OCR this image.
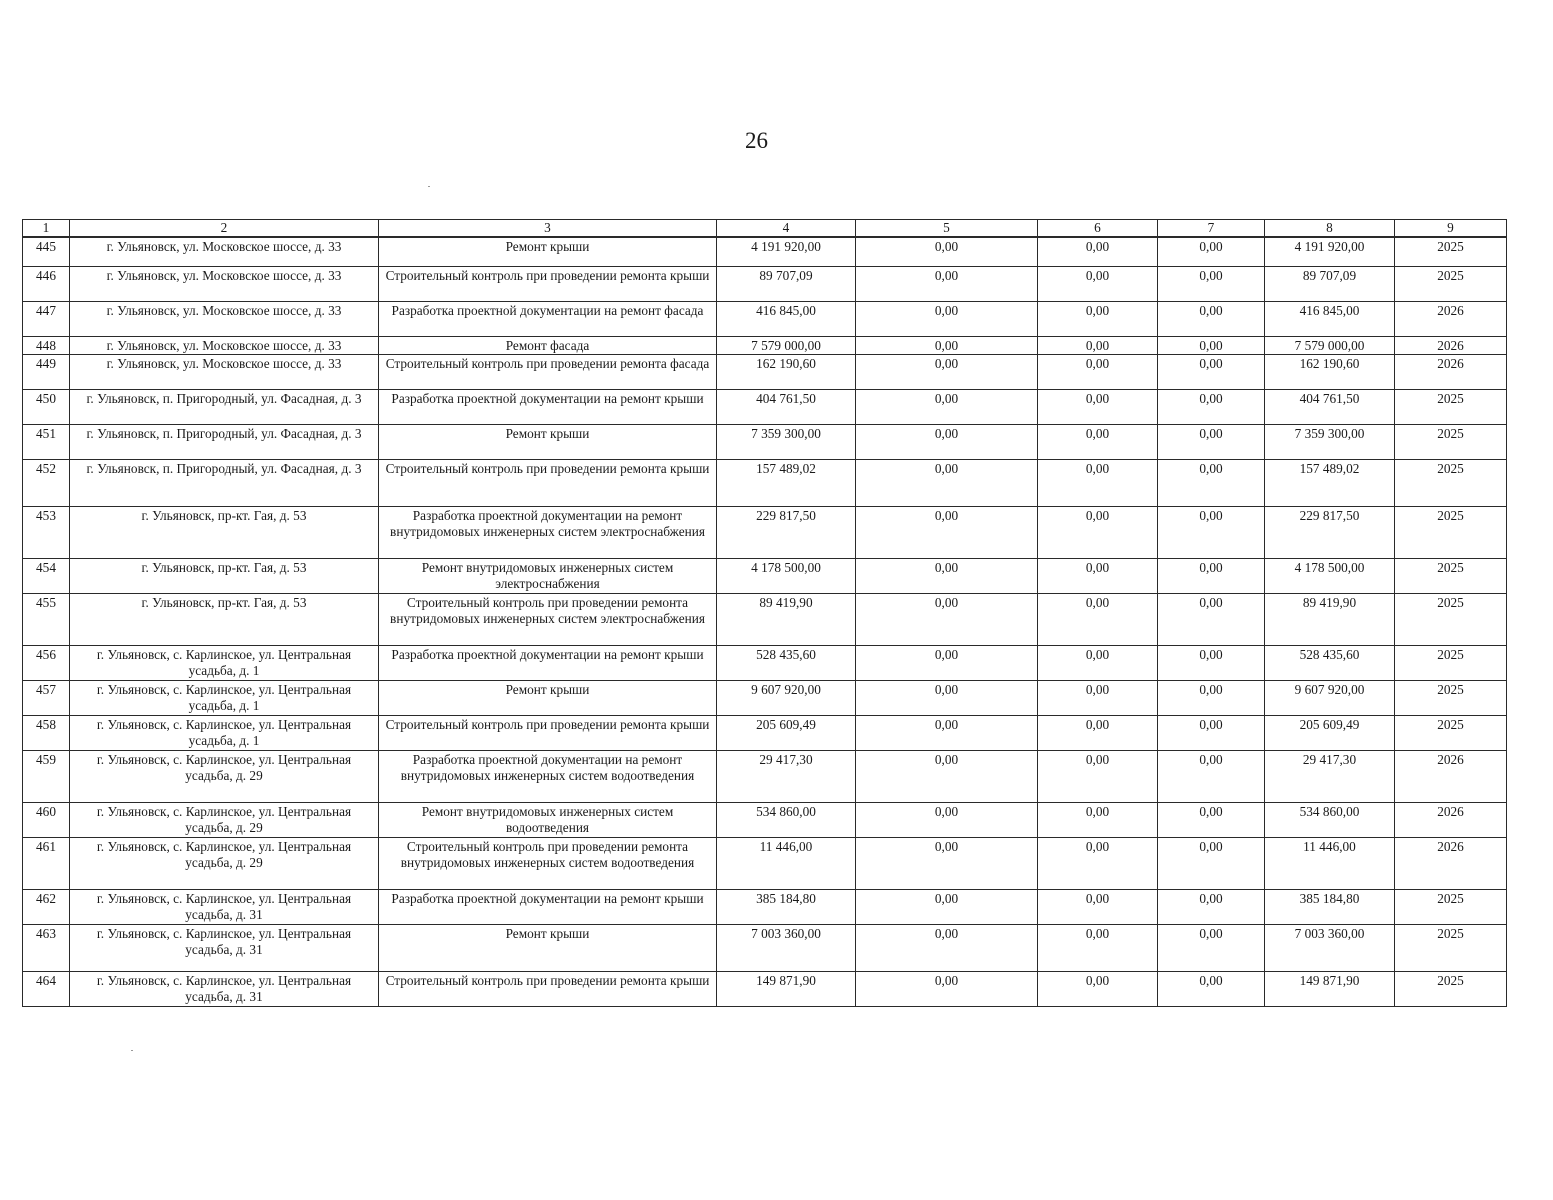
26
1	2	3	4	5	6	7	8	9
445	г. Ульяновск, ул. Московское шоссе, д. 33	Ремонт крыши	4 191 920,00	0,00	0,00	0,00	4 191 920,00	2025
446	г. Ульяновск, ул. Московское шоссе, д. 33	Строительный контроль при проведении ремонта крыши	89 707,09	0,00	0,00	0,00	89 707,09	2025
447	г. Ульяновск, ул. Московское шоссе, д. 33	Разработка проектной документации на ремонт фасада	416 845,00	0,00	0,00	0,00	416 845,00	2026
448	г. Ульяновск, ул. Московское шоссе, д. 33	Ремонт фасада	7 579 000,00	0,00	0,00	0,00	7 579 000,00	2026
449	г. Ульяновск, ул. Московское шоссе, д. 33	Строительный контроль при проведении ремонта фасада	162 190,60	0,00	0,00	0,00	162 190,60	2026
450	г. Ульяновск, п. Пригородный, ул. Фасадная, д. 3	Разработка проектной документации на ремонт крыши	404 761,50	0,00	0,00	0,00	404 761,50	2025
451	г. Ульяновск, п. Пригородный, ул. Фасадная, д. 3	Ремонт крыши	7 359 300,00	0,00	0,00	0,00	7 359 300,00	2025
452	г. Ульяновск, п. Пригородный, ул. Фасадная, д. 3	Строительный контроль при проведении ремонта крыши	157 489,02	0,00	0,00	0,00	157 489,02	2025
453	г. Ульяновск, пр-кт. Гая, д. 53	Разработка проектной документации на ремонт внутридомовых инженерных систем электроснабжения	229 817,50	0,00	0,00	0,00	229 817,50	2025
454	г. Ульяновск, пр-кт. Гая, д. 53	Ремонт внутридомовых инженерных систем электроснабжения	4 178 500,00	0,00	0,00	0,00	4 178 500,00	2025
455	г. Ульяновск, пр-кт. Гая, д. 53	Строительный контроль при проведении ремонта внутридомовых инженерных систем электроснабжения	89 419,90	0,00	0,00	0,00	89 419,90	2025
456	г. Ульяновск, с. Карлинское, ул. Центральная усадьба, д. 1	Разработка проектной документации на ремонт крыши	528 435,60	0,00	0,00	0,00	528 435,60	2025
457	г. Ульяновск, с. Карлинское, ул. Центральная усадьба, д. 1	Ремонт крыши	9 607 920,00	0,00	0,00	0,00	9 607 920,00	2025
458	г. Ульяновск, с. Карлинское, ул. Центральная усадьба, д. 1	Строительный контроль при проведении ремонта крыши	205 609,49	0,00	0,00	0,00	205 609,49	2025
459	г. Ульяновск, с. Карлинское, ул. Центральная усадьба, д. 29	Разработка проектной документации на ремонт внутридомовых инженерных систем водоотведения	29 417,30	0,00	0,00	0,00	29 417,30	2026
460	г. Ульяновск, с. Карлинское, ул. Центральная усадьба, д. 29	Ремонт внутридомовых инженерных систем водоотведения	534 860,00	0,00	0,00	0,00	534 860,00	2026
461	г. Ульяновск, с. Карлинское, ул. Центральная усадьба, д. 29	Строительный контроль при проведении ремонта внутридомовых инженерных систем водоотведения	11 446,00	0,00	0,00	0,00	11 446,00	2026
462	г. Ульяновск, с. Карлинское, ул. Центральная усадьба, д. 31	Разработка проектной документации на ремонт крыши	385 184,80	0,00	0,00	0,00	385 184,80	2025
463	г. Ульяновск, с. Карлинское, ул. Центральная усадьба, д. 31	Ремонт крыши	7 003 360,00	0,00	0,00	0,00	7 003 360,00	2025
464	г. Ульяновск, с. Карлинское, ул. Центральная усадьба, д. 31	Строительный контроль при проведении ремонта крыши	149 871,90	0,00	0,00	0,00	149 871,90	2025
